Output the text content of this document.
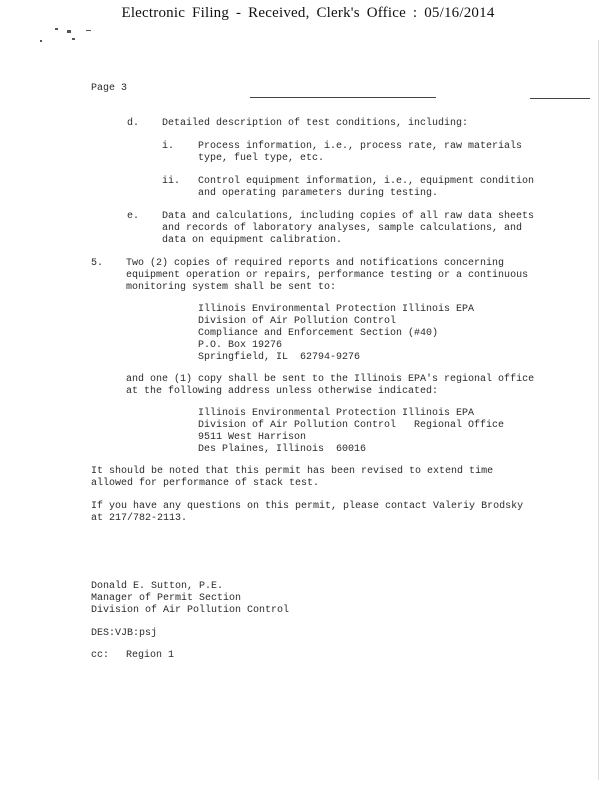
Electronic Filing - Received, Clerk's Office : 05/16/2014
Page 3
d. Detailed description of test conditions, including:
i. Process information, i.e., process rate, raw materials
type, fuel type, etc.
ii. Control equipment information, i.e., equipment condition
and operating parameters during testing.
e. Data and calculations, including copies of all raw data sheets
and records of laboratory analyses, sample calculations, and
data on equipment calibration.
5. Two (2) copies of required reports and notifications concerning
equipment operation or repairs, performance testing or a continuous
monitoring system shall be sent to:
Illinois Environmental Protection Illinois EPA
Division of Air Pollution Control
Compliance and Enforcement Section (#40)
P.O. Box 19276
Springfield, IL  62794-9276
and one (1) copy shall be sent to the Illinois EPA's regional office
at the following address unless otherwise indicated:
Illinois Environmental Protection Illinois EPA
Division of Air Pollution Control   Regional Office
9511 West Harrison
Des Plaines, Illinois  60016
It should be noted that this permit has been revised to extend time
allowed for performance of stack test.
If you have any questions on this permit, please contact Valeriy Brodsky
at 217/782-2113.
Donald E. Sutton, P.E.
Manager of Permit Section
Division of Air Pollution Control
DES:VJB:psj
cc: Region 1
